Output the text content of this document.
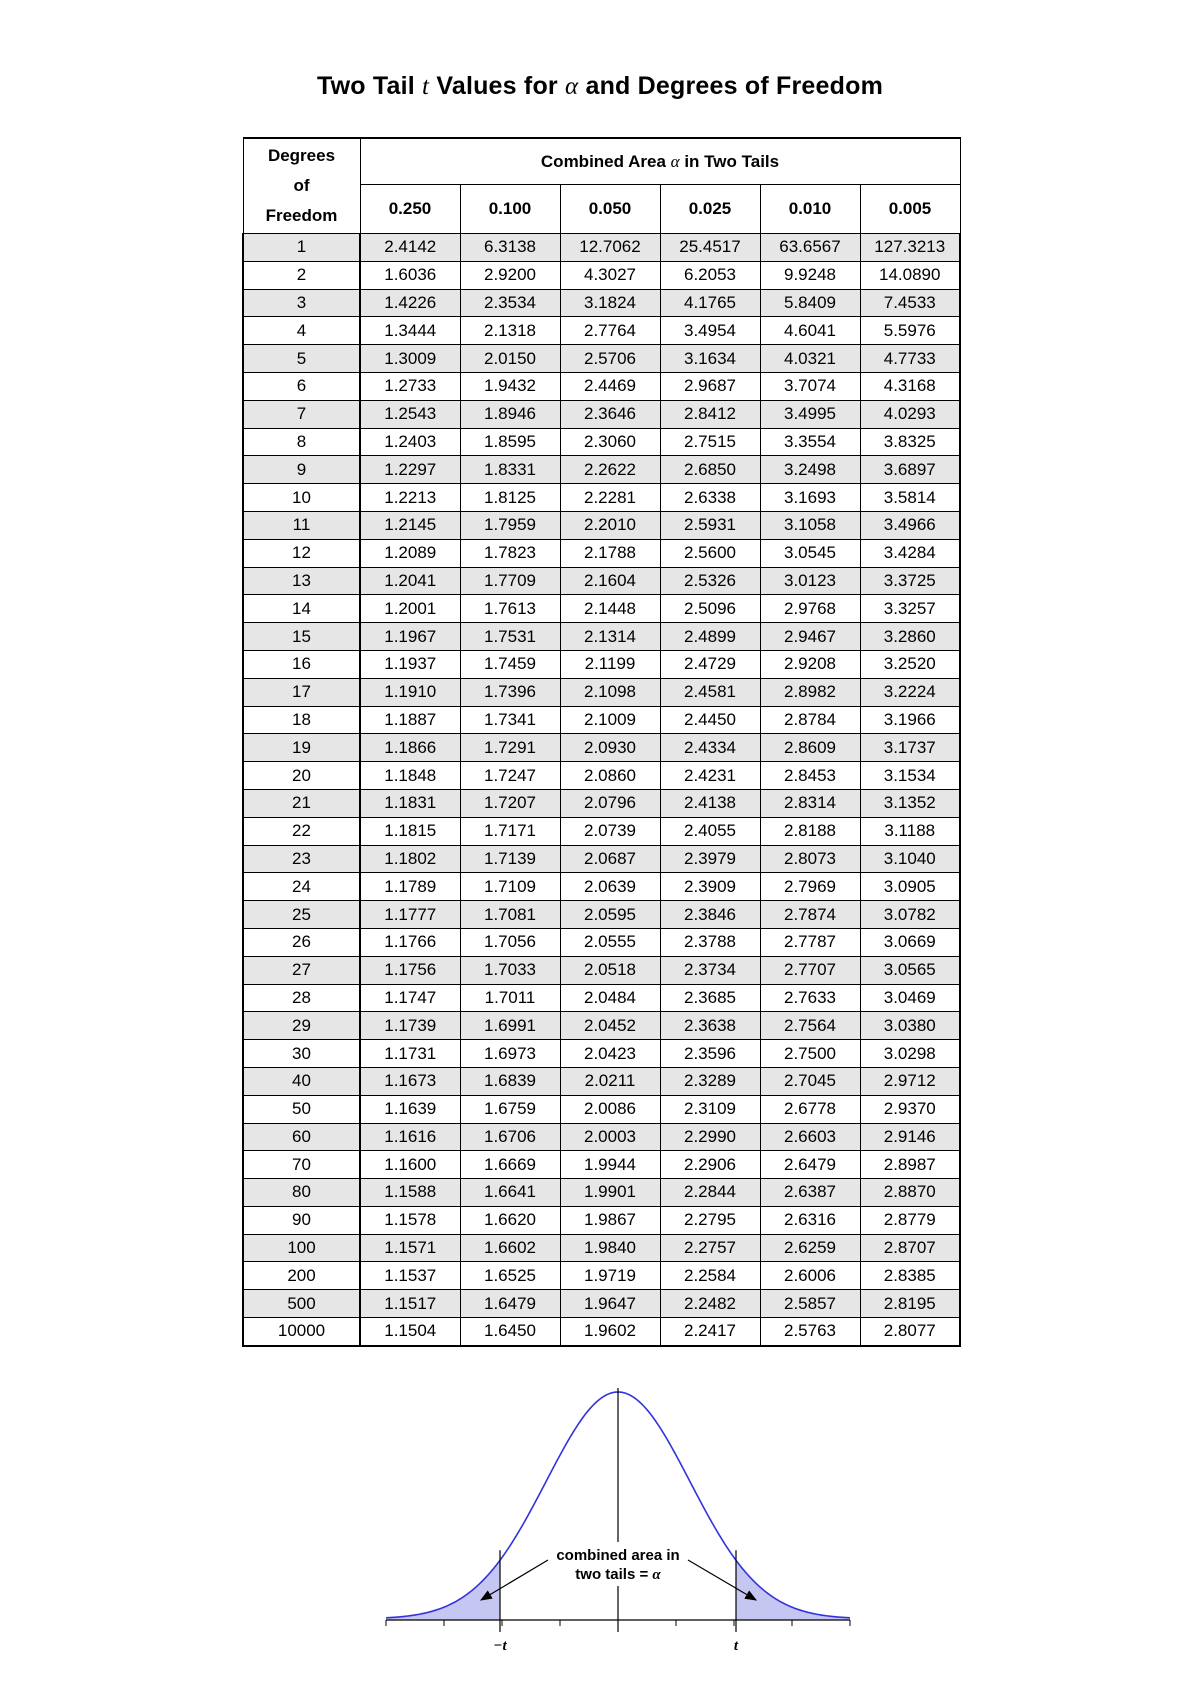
Two Tail t Values for α and Degrees of Freedom
Degrees
of
Freedom	Combined Area α in Two Tails					
	0.250	0.100	0.050	0.025	0.010	0.005
1	2.4142	6.3138	12.7062	25.4517	63.6567	127.3213
2	1.6036	2.9200	4.3027	6.2053	9.9248	14.0890
3	1.4226	2.3534	3.1824	4.1765	5.8409	7.4533
4	1.3444	2.1318	2.7764	3.4954	4.6041	5.5976
5	1.3009	2.0150	2.5706	3.1634	4.0321	4.7733
6	1.2733	1.9432	2.4469	2.9687	3.7074	4.3168
7	1.2543	1.8946	2.3646	2.8412	3.4995	4.0293
8	1.2403	1.8595	2.3060	2.7515	3.3554	3.8325
9	1.2297	1.8331	2.2622	2.6850	3.2498	3.6897
10	1.2213	1.8125	2.2281	2.6338	3.1693	3.5814
11	1.2145	1.7959	2.2010	2.5931	3.1058	3.4966
12	1.2089	1.7823	2.1788	2.5600	3.0545	3.4284
13	1.2041	1.7709	2.1604	2.5326	3.0123	3.3725
14	1.2001	1.7613	2.1448	2.5096	2.9768	3.3257
15	1.1967	1.7531	2.1314	2.4899	2.9467	3.2860
16	1.1937	1.7459	2.1199	2.4729	2.9208	3.2520
17	1.1910	1.7396	2.1098	2.4581	2.8982	3.2224
18	1.1887	1.7341	2.1009	2.4450	2.8784	3.1966
19	1.1866	1.7291	2.0930	2.4334	2.8609	3.1737
20	1.1848	1.7247	2.0860	2.4231	2.8453	3.1534
21	1.1831	1.7207	2.0796	2.4138	2.8314	3.1352
22	1.1815	1.7171	2.0739	2.4055	2.8188	3.1188
23	1.1802	1.7139	2.0687	2.3979	2.8073	3.1040
24	1.1789	1.7109	2.0639	2.3909	2.7969	3.0905
25	1.1777	1.7081	2.0595	2.3846	2.7874	3.0782
26	1.1766	1.7056	2.0555	2.3788	2.7787	3.0669
27	1.1756	1.7033	2.0518	2.3734	2.7707	3.0565
28	1.1747	1.7011	2.0484	2.3685	2.7633	3.0469
29	1.1739	1.6991	2.0452	2.3638	2.7564	3.0380
30	1.1731	1.6973	2.0423	2.3596	2.7500	3.0298
40	1.1673	1.6839	2.0211	2.3289	2.7045	2.9712
50	1.1639	1.6759	2.0086	2.3109	2.6778	2.9370
60	1.1616	1.6706	2.0003	2.2990	2.6603	2.9146
70	1.1600	1.6669	1.9944	2.2906	2.6479	2.8987
80	1.1588	1.6641	1.9901	2.2844	2.6387	2.8870
90	1.1578	1.6620	1.9867	2.2795	2.6316	2.8779
100	1.1571	1.6602	1.9840	2.2757	2.6259	2.8707
200	1.1537	1.6525	1.9719	2.2584	2.6006	2.8385
500	1.1517	1.6479	1.9647	2.2482	2.5857	2.8195
10000	1.1504	1.6450	1.9602	2.2417	2.5763	2.8077
combined area in
two tails = α
−t	t
